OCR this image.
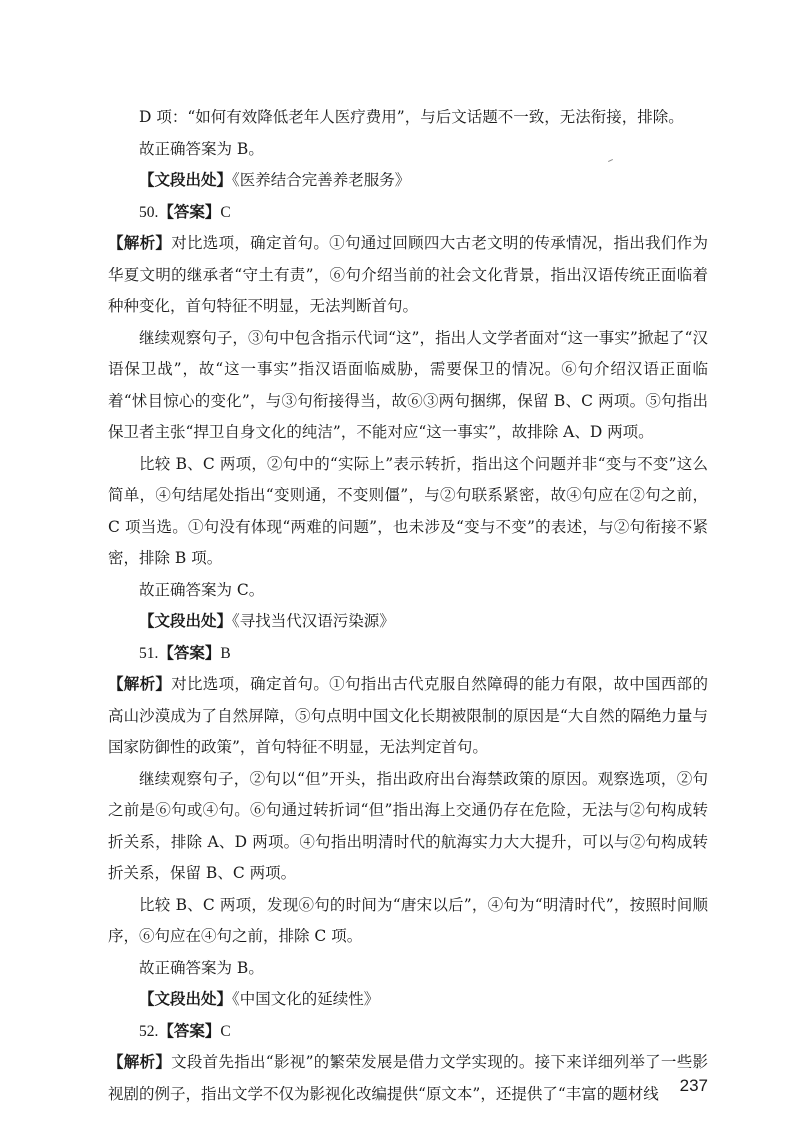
D 项：“如何有效降低老年人医疗费用”，与后文话题不一致，无法衔接，排除。

故正确答案为 B。

【文段出处】《医养结合完善养老服务》

50.【答案】C

【解析】对比选项，确定首句。①句通过回顾四大古老文明的传承情况，指出我们作为华夏文明的继承者“守土有责”，⑥句介绍当前的社会文化背景，指出汉语传统正面临着种种变化，首句特征不明显，无法判断首句。

继续观察句子，③句中包含指示代词“这”，指出人文学者面对“这一事实”掀起了“汉语保卫战”，故“这一事实”指汉语面临威胁，需要保卫的情况。⑥句介绍汉语正面临着“怵目惊心的变化”，与③句衔接得当，故⑥③两句捆绑，保留 B、C 两项。⑤句指出保卫者主张“捍卫自身文化的纯洁”，不能对应“这一事实”，故排除 A、D 两项。

比较 B、C 两项，②句中的“实际上”表示转折，指出这个问题并非“变与不变”这么简单，④句结尾处指出“变则通，不变则僵”，与②句联系紧密，故④句应在②句之前，C 项当选。①句没有体现“两难的问题”，也未涉及“变与不变”的表述，与②句衔接不紧密，排除 B 项。

故正确答案为 C。

【文段出处】《寻找当代汉语污染源》

51.【答案】B

【解析】对比选项，确定首句。①句指出古代克服自然障碍的能力有限，故中国西部的高山沙漠成为了自然屏障，⑤句点明中国文化长期被限制的原因是“大自然的隔绝力量与国家防御性的政策”，首句特征不明显，无法判定首句。

继续观察句子，②句以“但”开头，指出政府出台海禁政策的原因。观察选项，②句之前是⑥句或④句。⑥句通过转折词“但”指出海上交通仍存在危险，无法与②句构成转折关系，排除 A、D 两项。④句指出明清时代的航海实力大大提升，可以与②句构成转折关系，保留 B、C 两项。

比较 B、C 两项，发现⑥句的时间为“唐宋以后”，④句为“明清时代”，按照时间顺序，⑥句应在④句之前，排除 C 项。

故正确答案为 B。

【文段出处】《中国文化的延续性》

52.【答案】C

【解析】文段首先指出“影视”的繁荣发展是借力文学实现的。接下来详细列举了一些影视剧的例子，指出文学不仅为影视化改编提供“原文本”，还提供了“丰富的题材线	237
